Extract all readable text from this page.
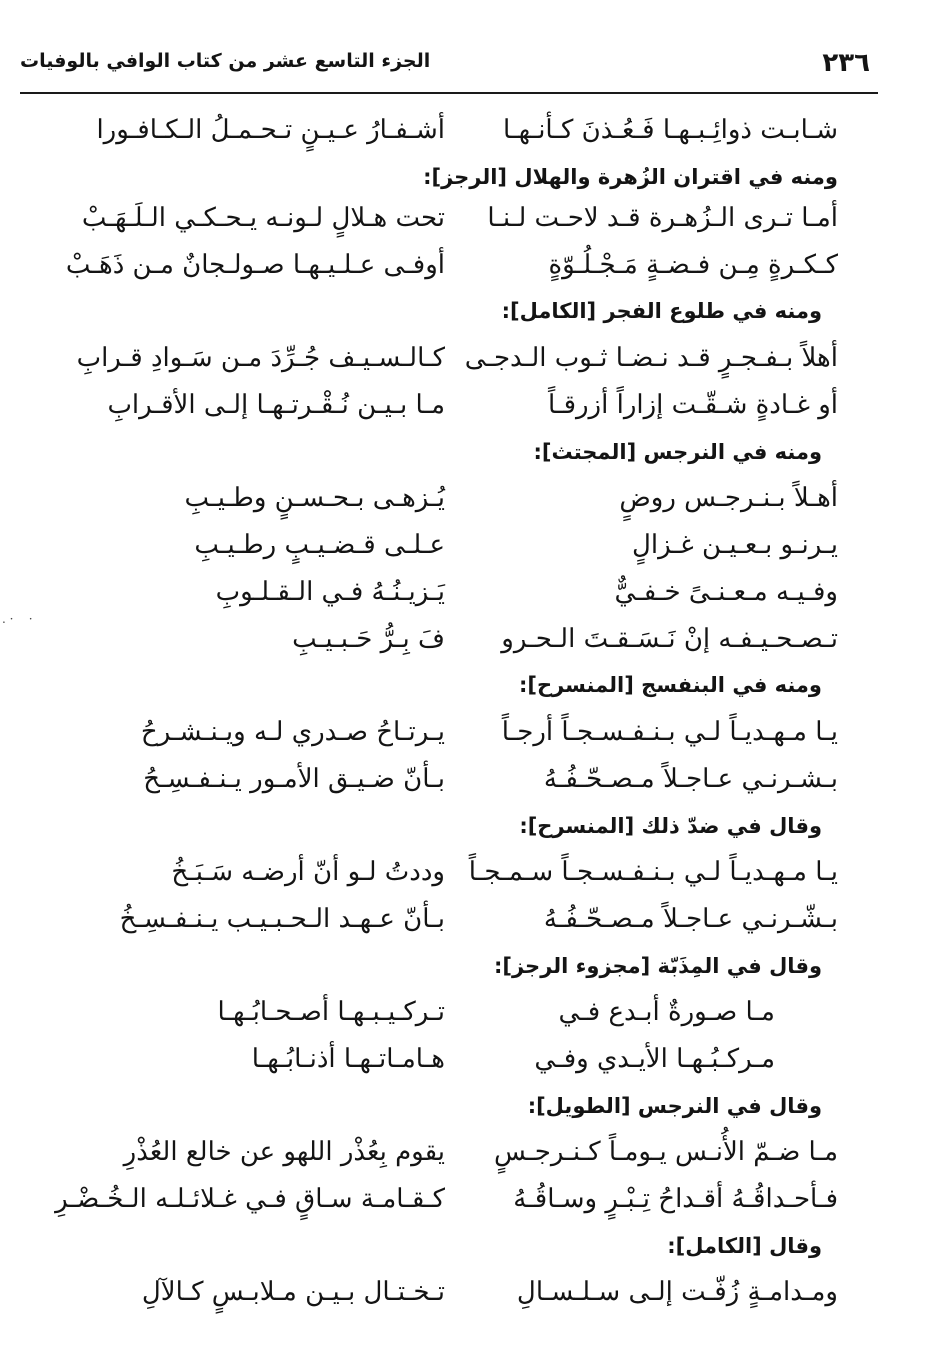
٢٣٦
الجزء التاسع عشر من كتاب الوافي بالوفيات
شـابـت ذوائِـبـهـا فَـعُـذنَ كـأنـهـا
أشـفـارُ عـيـنٍ تـحـمـلُ الـكـافـورا
ومنه في اقتران الزُهرة والهلال [الرجز]:
أمـا تـرى الـزُهـرة قـد لاحـت لـنـا
تحت هـلالٍ لـونـه يـحـكـي الـلَـهَـبْ
كـكـرةٍ مِـن فـضـةٍ مَـجْـلُـوّةٍ
أوفـى عـلـيـهـا صـولـجانٌ مـن ذَهَـبْ
ومنه في طلوع الفجر [الكامل]:
أهلاً بـفـجـرٍ قـد نـضـا ثـوب الـدجـى
كـالـسـيـف جُـرِّدَ مـن سَـوادِ قـرابِ
أو غـادةٍ شـقّـت إزاراً أزرقـاً
مـا بـيـن نُـقْـرتـهـا إلـى الأقـرابِ
ومنه في النرجس [المجتث]:
أهـلاً بـنـرجـس روضٍ
يُـزهـى بـحـسـنٍ وطـيـبِ
يـرنـو بـعـيـن غـزالٍ
عـلـى قـضـيـبٍ رطـيـبِ
وفـيـه مـعـنـىً خـفـيٌّ
يَـزيـنُـهُ فـي الـقـلـوبِ
تـصـحـيـفـه إنْ نَـسَـقـتَ الـحـرو
فَ بِـرُّ حَـبـيـبِ
ومنه في البنفسج [المنسرح]:
يـا مـهـديـاً لـي بـنـفـسـجـاً أرجـاً
يـرتـاحُ صـدري لـه ويـنـشـرحُ
بـشـرنـي عـاجـلاً مـصـحّـفُـهُ
بـأنّ ضـيـق الأمـور يـنـفـسِـحُ
وقال في ضدّ ذلك [المنسرح]:
يـا مـهـديـاً لـي بـنـفـسـجـاً سـمـجـاً
وددتُ لـو أنّ أرضـه سَـبَـخُ
بـشّـرنـي عـاجـلاً مـصـحّـفُـهُ
بـأنّ عـهـد الـحـبـيـب يـنـفـسِـخُ
وقال في المِذَبّة [مجزوء الرجز]:
مـا صـورةٌ أبـدع فـي
تـركـيـبـهـا أصـحـابُـهـا
مـركـبُـهـا الأيـدي وفـي
هـامـاتـهـا أذنـابُـهـا
وقال في النرجس [الطويل]:
مـا ضـمّ الأُنـس يـومـاً كـنـرجـسٍ
يقوم بِعُذْر اللهو عن خالع العُذْرِ
فـأحـداقُـهُ أقـداحُ تِـبْـرٍ وسـاقُـهُ
كـقـامـة سـاقٍ فـي غـلائـلـه الـخُـضْـرِ
وقال [الكامل]:
ومـدامـةٍ زُفّـت إلـى سـلـسـالِ
تـخـتـال بـيـن مـلابـسٍ كـالآلِ
. ·    ·
